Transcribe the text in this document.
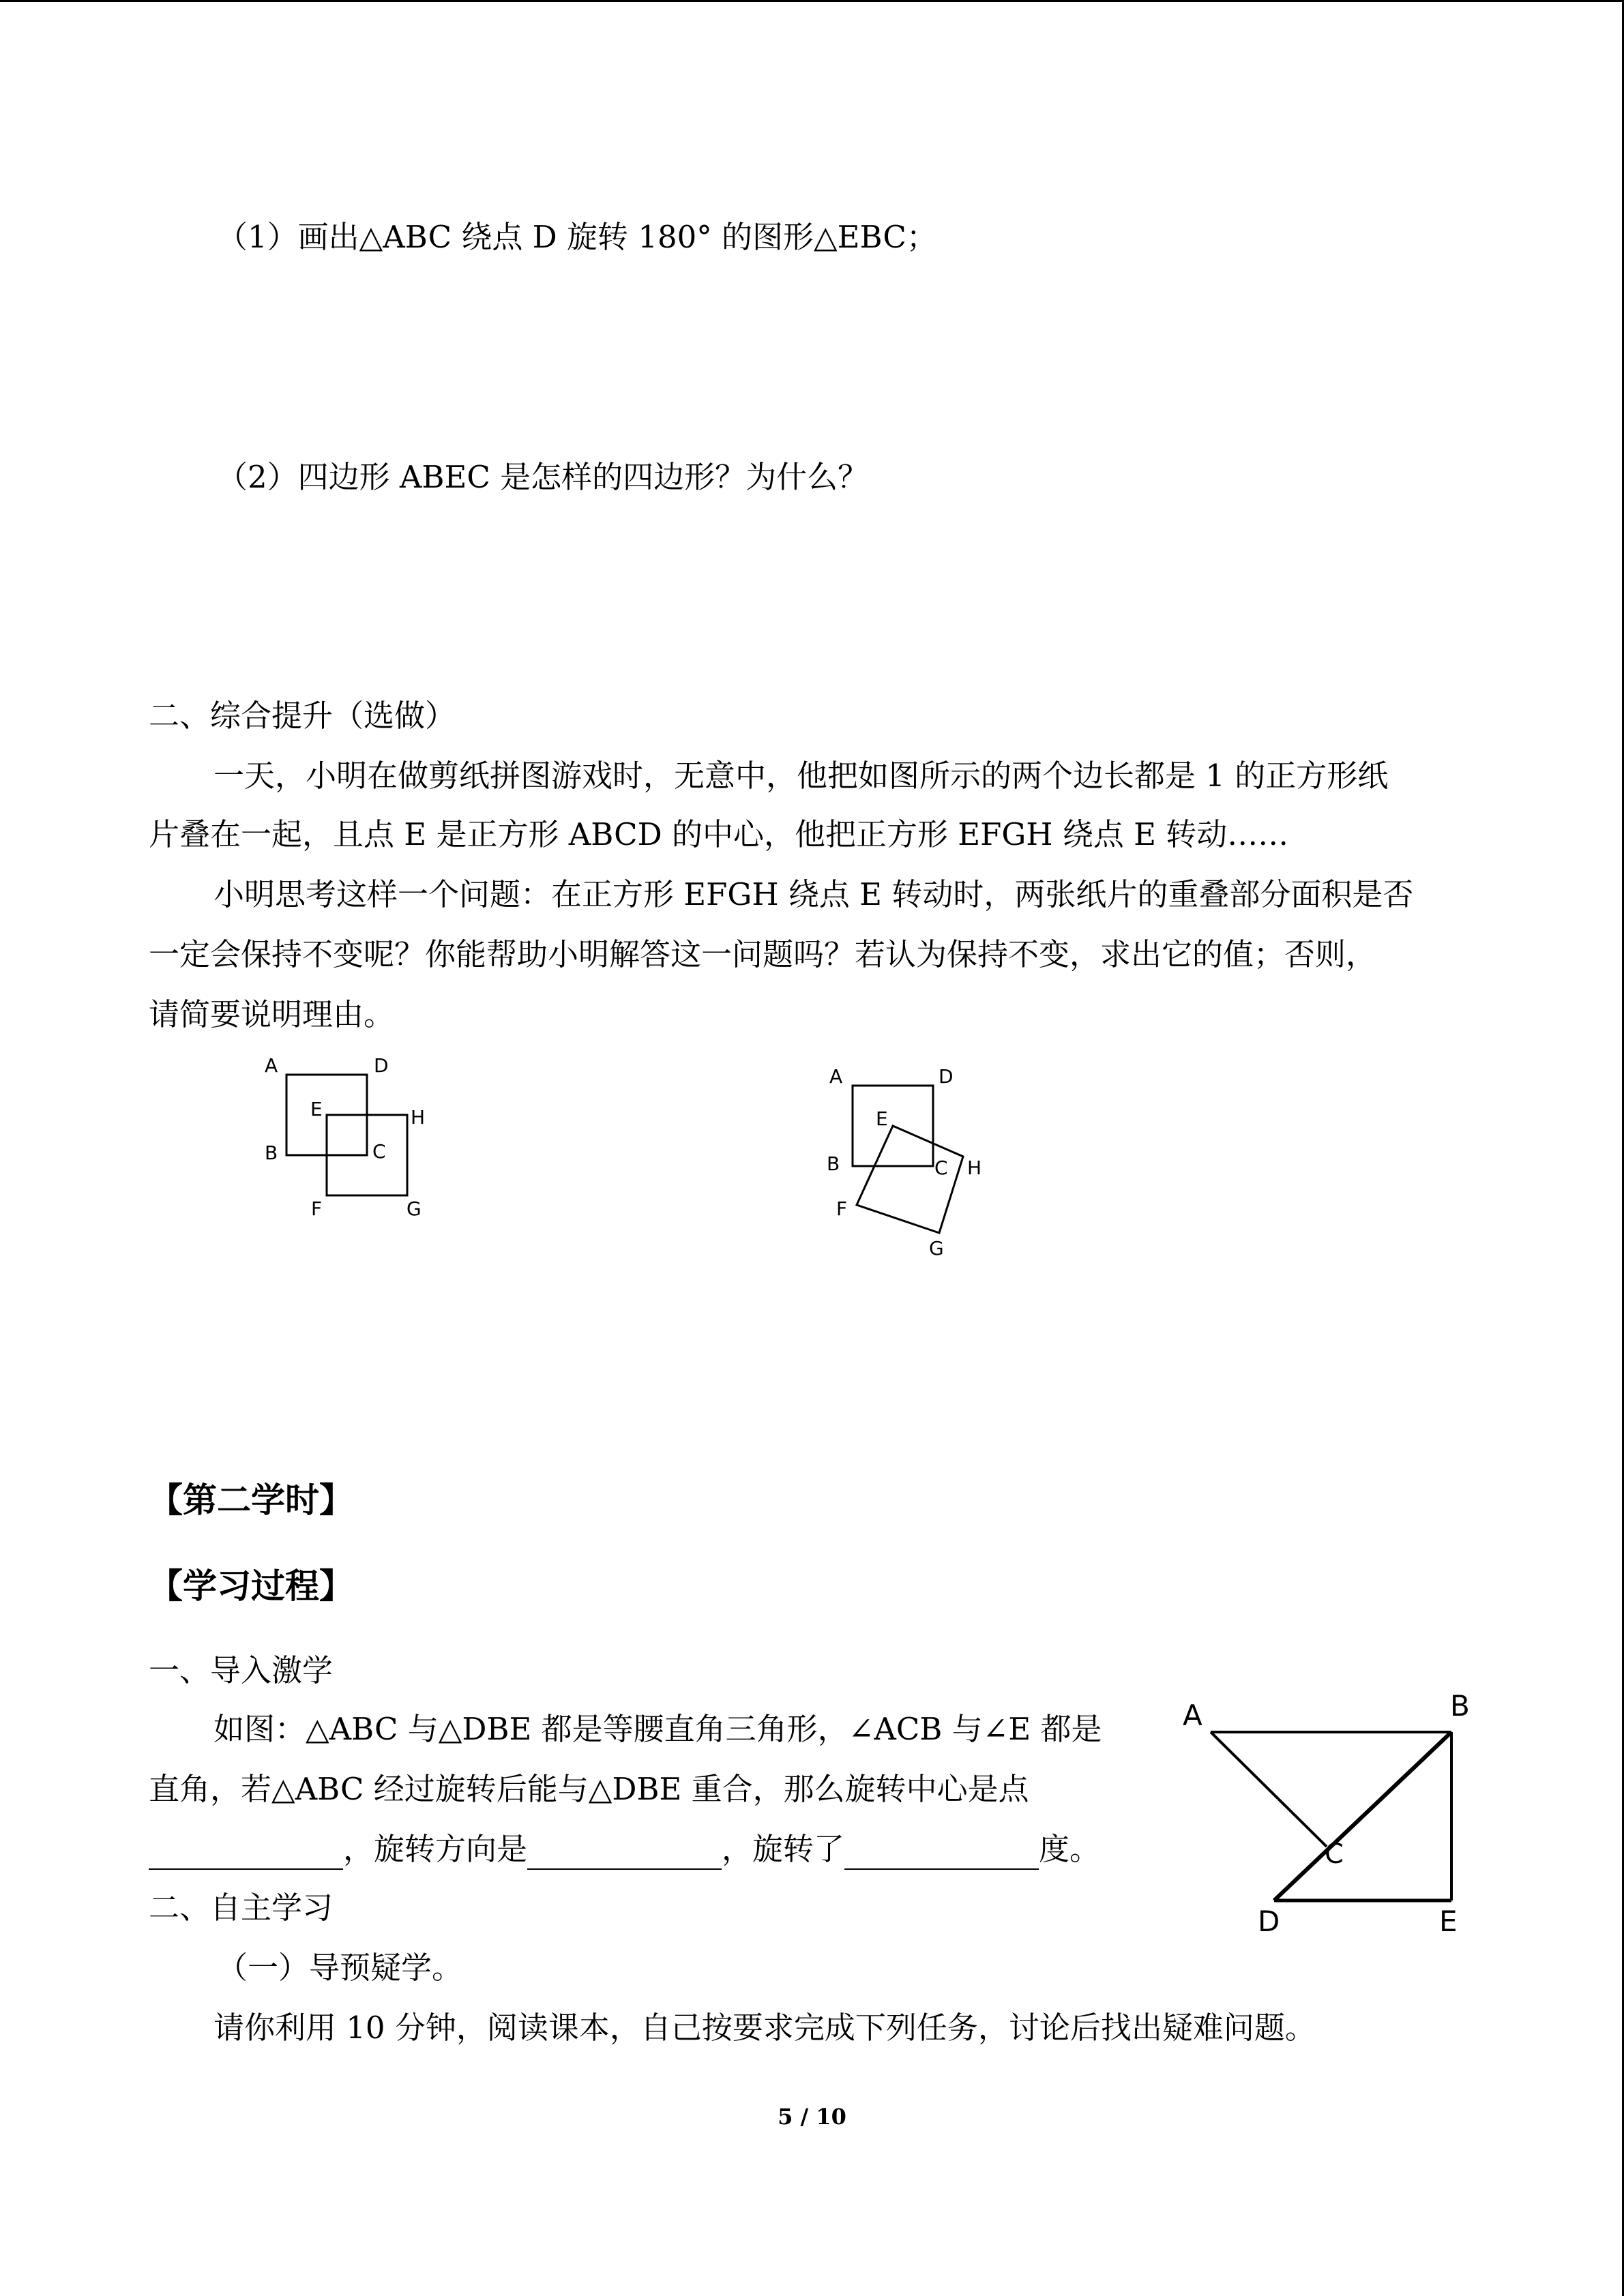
（1）画出△ABC 绕点 D 旋转 180° 的图形△EBC；
（2）四边形 ABEC 是怎样的四边形？为什么？
二、综合提升（选做）
一天，小明在做剪纸拼图游戏时，无意中，他把如图所示的两个边长都是 1 的正方形纸
片叠在一起，且点 E 是正方形 ABCD 的中心，他把正方形 EFGH 绕点 E 转动……
小明思考这样一个问题：在正方形 EFGH 绕点 E 转动时，两张纸片的重叠部分面积是否
一定会保持不变呢？你能帮助小明解答这一问题吗？若认为保持不变，求出它的值；否则，
请简要说明理由。
A	D
E	H
B	C
F	G
A	D
E
B	C H
F
G
【第二学时】
【学习过程】
一、导入激学
如图：△ABC 与△DBE 都是等腰直角三角形，∠ACB 与∠E 都是
直角，若△ABC 经过旋转后能与△DBE 重合，那么旋转中心是点
，旋转方向是	，旋转了	度。
A	B
C
D	E
二、自主学习
（一）导预疑学。
请你利用 10 分钟，阅读课本，自己按要求完成下列任务，讨论后找出疑难问题。
5 / 10
